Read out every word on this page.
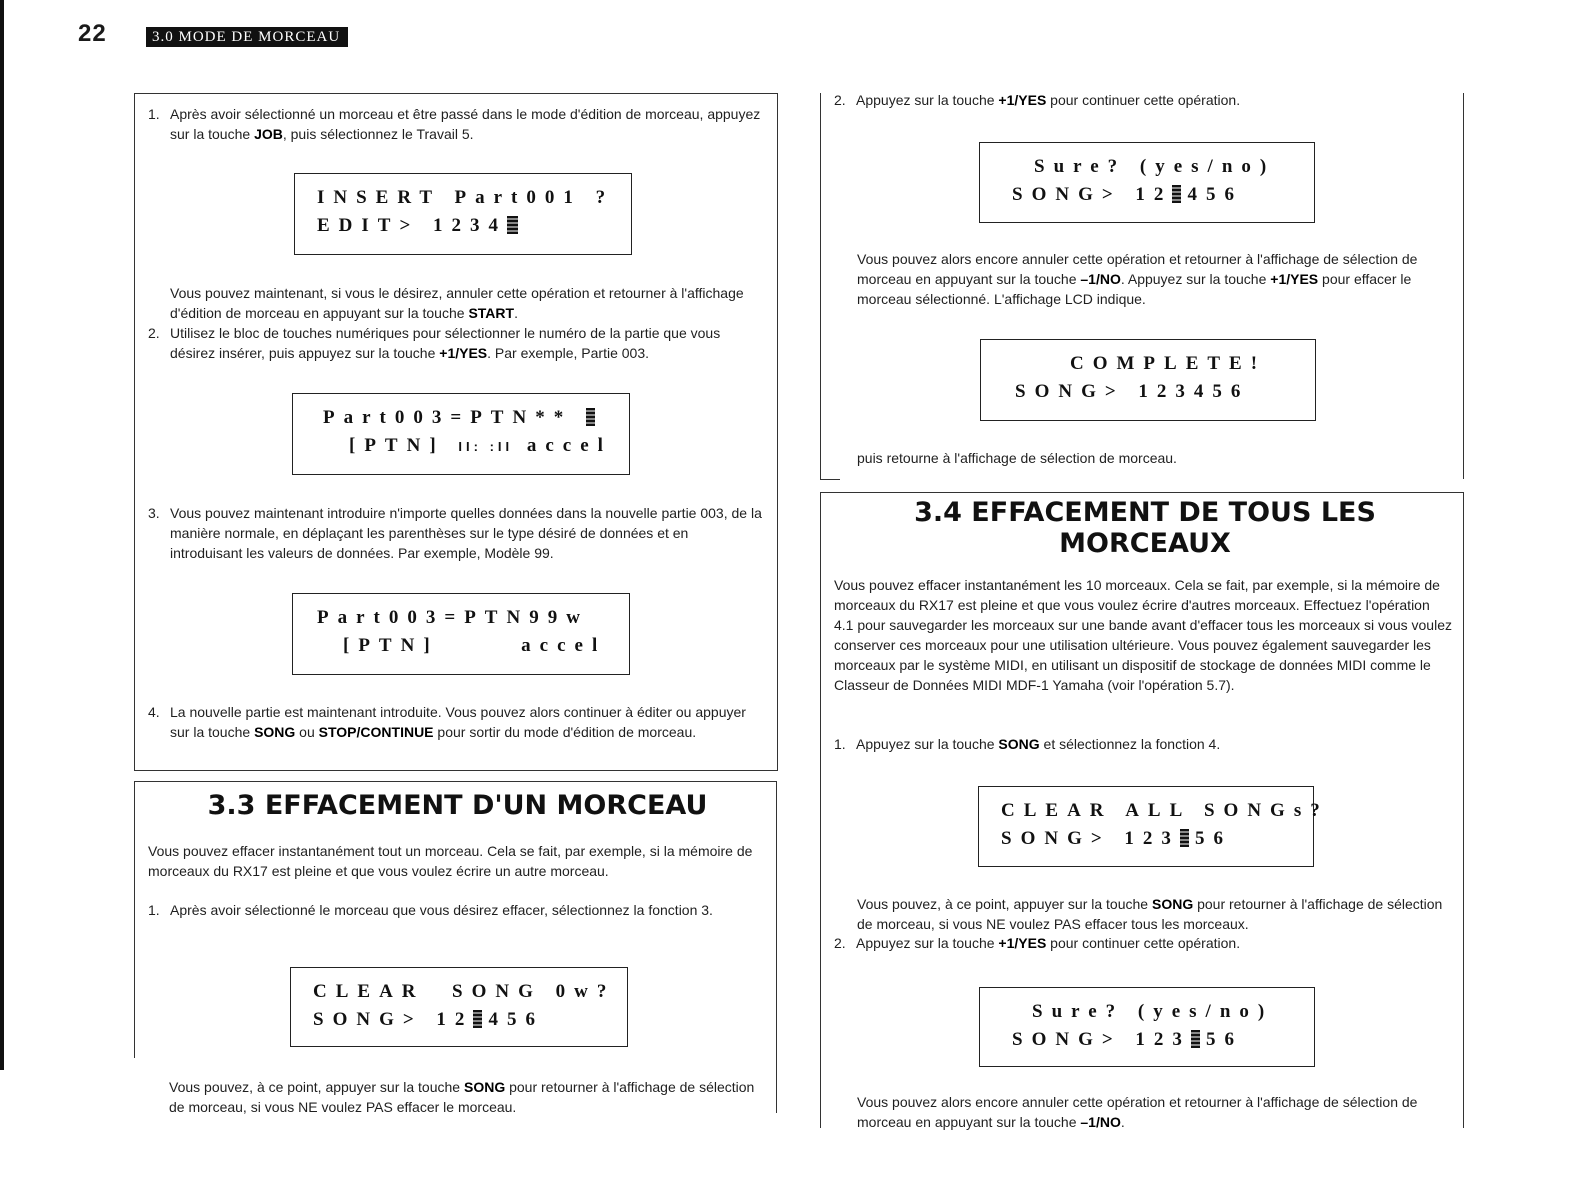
22	3.0 MODE DE MORCEAU
1. Après avoir sélectionné un morceau et être passé dans le mode d'édition de morceau, appuyez sur la touche JOB, puis sélectionnez le Travail 5.
INSERT Part001 ?
EDIT> 1234

Vous pouvez maintenant, si vous le désirez, annuler cette opération et retourner à l'affichage d'édition de morceau en appuyant sur la touche START.

2. Utilisez le bloc de touches numériques pour sélectionner le numéro de la partie que vous désirez insérer, puis appuyez sur la touche +1/YES. Par exemple, Partie 003.
Part003=PTN**
[PTN] II: :II accel
3. Vous pouvez maintenant introduire n'importe quelles données dans la nouvelle partie 003, de la manière normale, en déplaçant les parenthèses sur le type désiré de données et en introduisant les valeurs de données. Par exemple, Modèle 99.
Part003=PTN99w
[PTN]      accel
4. La nouvelle partie est maintenant introduite. Vous pouvez alors continuer à éditer ou appuyer sur la touche SONG ou STOP/CONTINUE pour sortir du mode d'édition de morceau.
3.3 EFFACEMENT D'UN MORCEAU

Vous pouvez effacer instantanément tout un morceau. Cela se fait, par exemple, si la mémoire de morceaux du RX17 est pleine et que vous voulez écrire un autre morceau.

1. Après avoir sélectionné le morceau que vous désirez effacer, sélectionnez la fonction 3.
CLEAR  SONG 0w?
SONG> 12 456

Vous pouvez, à ce point, appuyer sur la touche SONG pour retourner à l'affichage de sélection de morceau, si vous NE voulez PAS effacer le morceau.

2. Appuyez sur la touche +1/YES pour continuer cette opération.
Sure? (yes/no)
SONG> 12 456

Vous pouvez alors encore annuler cette opération et retourner à l'affichage de sélection de morceau en appuyant sur la touche –1/NO. Appuyez sur la touche +1/YES pour effacer le morceau sélectionné. L'affichage LCD indique.

COMPLETE!
SONG> 123456

puis retourne à l'affichage de sélection de morceau.

3.4 EFFACEMENT DE TOUS LES
MORCEAUX

Vous pouvez effacer instantanément les 10 morceaux. Cela se fait, par exemple, si la mémoire de morceaux du RX17 est pleine et que vous voulez écrire d'autres morceaux. Effectuez l'opération 4.1 pour sauvegarder les morceaux sur une bande avant d'effacer tous les morceaux si vous voulez conserver ces morceaux pour une utilisation ultérieure. Vous pouvez également sauvegarder les morceaux par le système MIDI, en utilisant un dispositif de stockage de données MIDI comme le Classeur de Données MIDI MDF-1 Yamaha (voir l'opération 5.7).

1. Appuyez sur la touche SONG et sélectionnez la fonction 4.
CLEAR ALL SONGs?
SONG> 123 56

Vous pouvez, à ce point, appuyer sur la touche SONG pour retourner à l'affichage de sélection de morceau, si vous NE voulez PAS effacer tous les morceaux.

2. Appuyez sur la touche +1/YES pour continuer cette opération.
Sure? (yes/no)
SONG> 123 56

Vous pouvez alors encore annuler cette opération et retourner à l'affichage de sélection de morceau en appuyant sur la touche –1/NO.
